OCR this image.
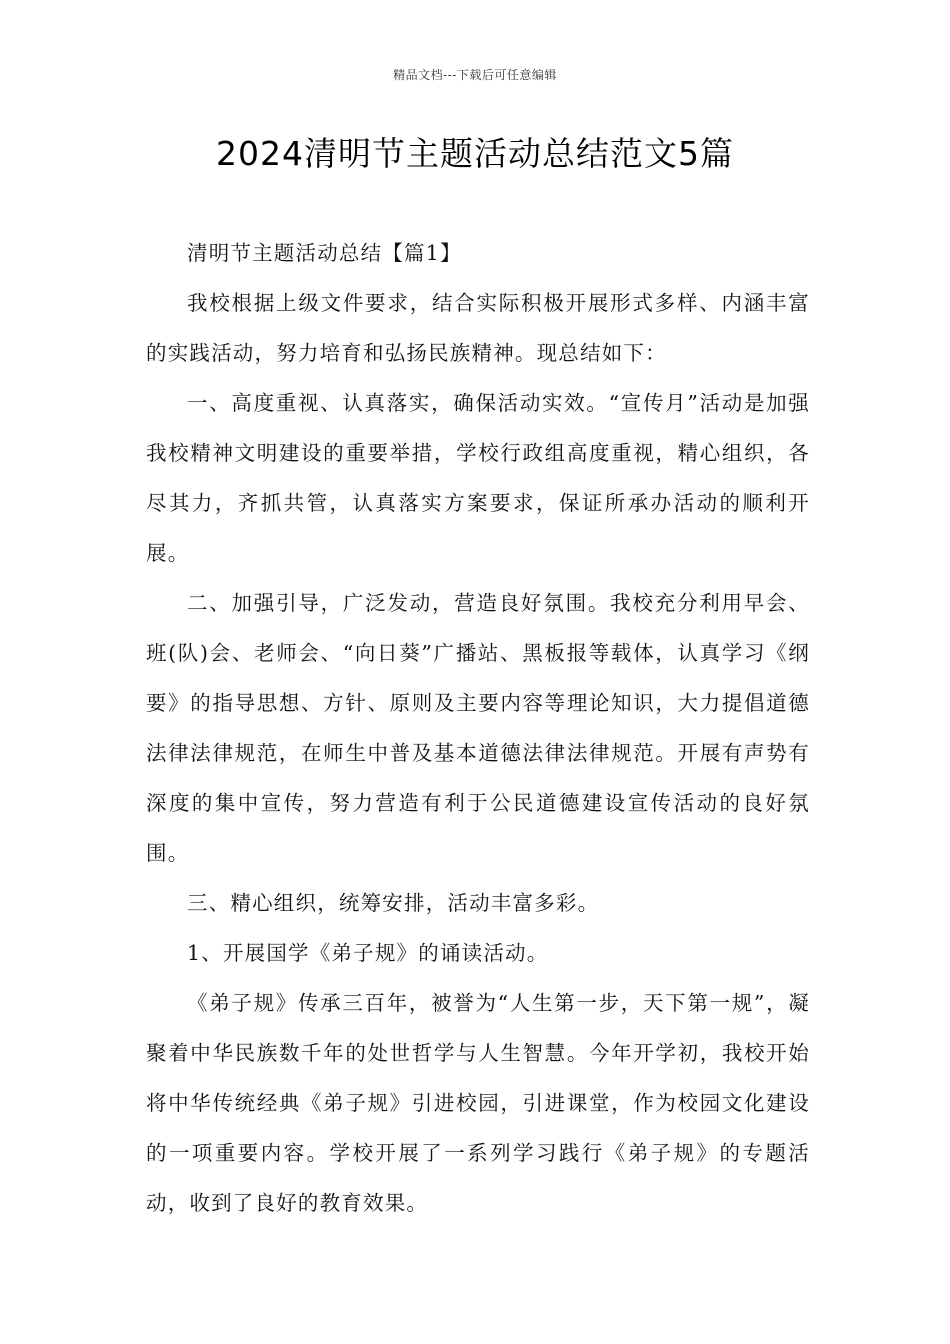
精品文档---下载后可任意编辑
2024清明节主题活动总结范文5篇

清明节主题活动总结【篇1】

我校根据上级文件要求，结合实际积极开展形式多样、内涵丰富的实践活动，努力培育和弘扬民族精神。现总结如下：

一、高度重视、认真落实，确保活动实效。“宣传月”活动是加强我校精神文明建设的重要举措，学校行政组高度重视，精心组织，各尽其力，齐抓共管，认真落实方案要求，保证所承办活动的顺利开展。

二、加强引导，广泛发动，营造良好氛围。我校充分利用早会、班(队)会、老师会、“向日葵”广播站、黑板报等载体，认真学习《纲要》的指导思想、方针、原则及主要内容等理论知识，大力提倡道德法律法律规范，在师生中普及基本道德法律法律规范。开展有声势有深度的集中宣传，努力营造有利于公民道德建设宣传活动的良好氛围。

三、精心组织，统筹安排，活动丰富多彩。

1、开展国学《弟子规》的诵读活动。

《弟子规》传承三百年，被誉为“人生第一步，天下第一规”，凝聚着中华民族数千年的处世哲学与人生智慧。今年开学初，我校开始将中华传统经典《弟子规》引进校园，引进课堂，作为校园文化建设的一项重要内容。学校开展了一系列学习践行《弟子规》的专题活动，收到了良好的教育效果。
